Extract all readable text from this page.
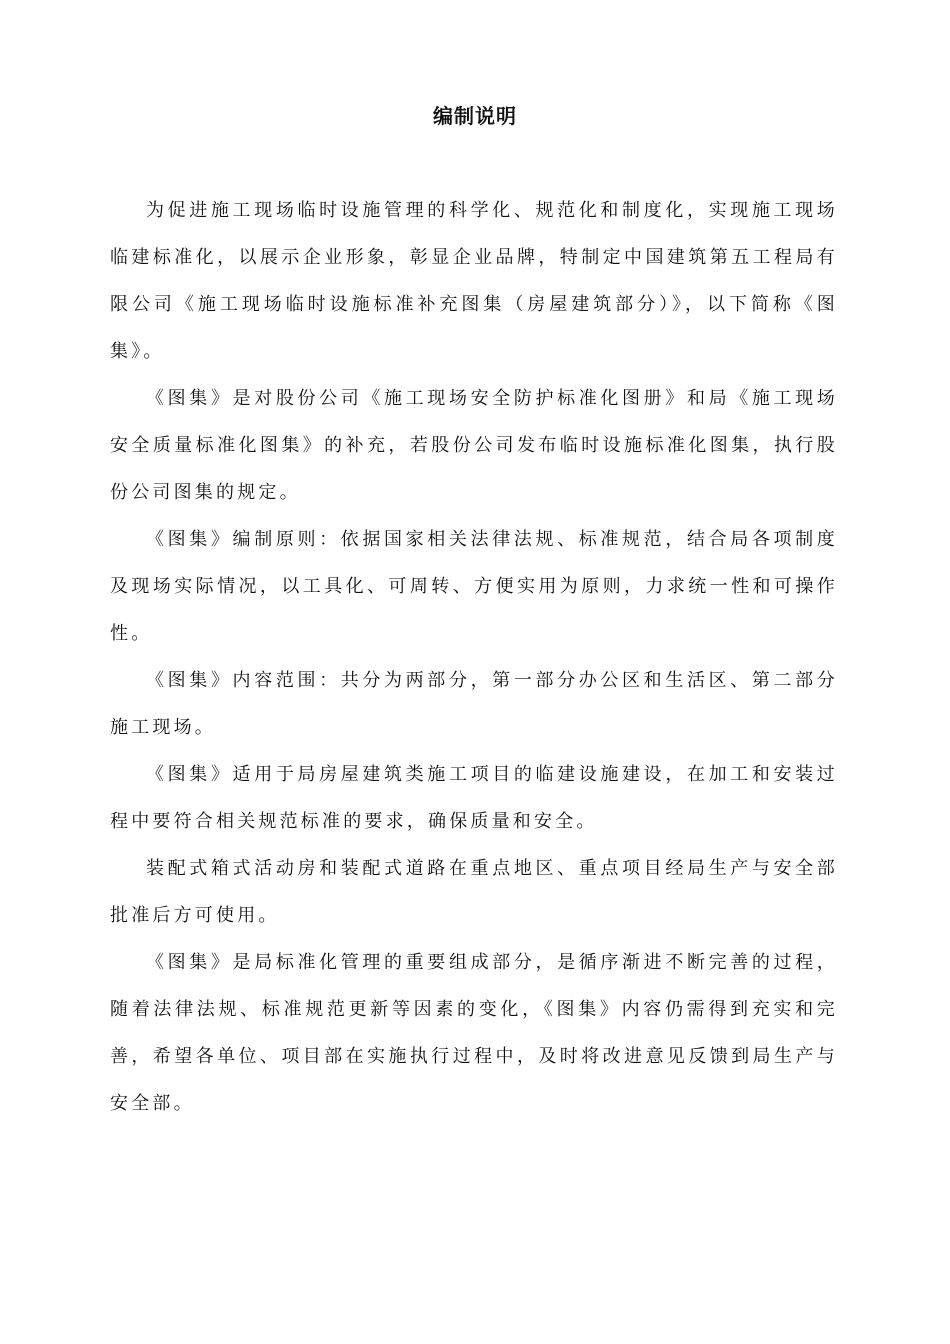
编制说明

为促进施工现场临时设施管理的科学化、规范化和制度化，实现施工现场临建标准化，以展示企业形象，彰显企业品牌，特制定中国建筑第五工程局有限公司《施工现场临时设施标准补充图集（房屋建筑部分）》，以下简称《图集》。

《图集》是对股份公司《施工现场安全防护标准化图册》和局《施工现场安全质量标准化图集》的补充，若股份公司发布临时设施标准化图集，执行股份公司图集的规定。

《图集》编制原则：依据国家相关法律法规、标准规范，结合局各项制度及现场实际情况，以工具化、可周转、方便实用为原则，力求统一性和可操作性。

《图集》内容范围：共分为两部分，第一部分办公区和生活区、第二部分施工现场。

《图集》适用于局房屋建筑类施工项目的临建设施建设，在加工和安装过程中要符合相关规范标准的要求，确保质量和安全。

装配式箱式活动房和装配式道路在重点地区、重点项目经局生产与安全部批准后方可使用。

《图集》是局标准化管理的重要组成部分，是循序渐进不断完善的过程，随着法律法规、标准规范更新等因素的变化，《图集》内容仍需得到充实和完善，希望各单位、项目部在实施执行过程中，及时将改进意见反馈到局生产与安全部。
